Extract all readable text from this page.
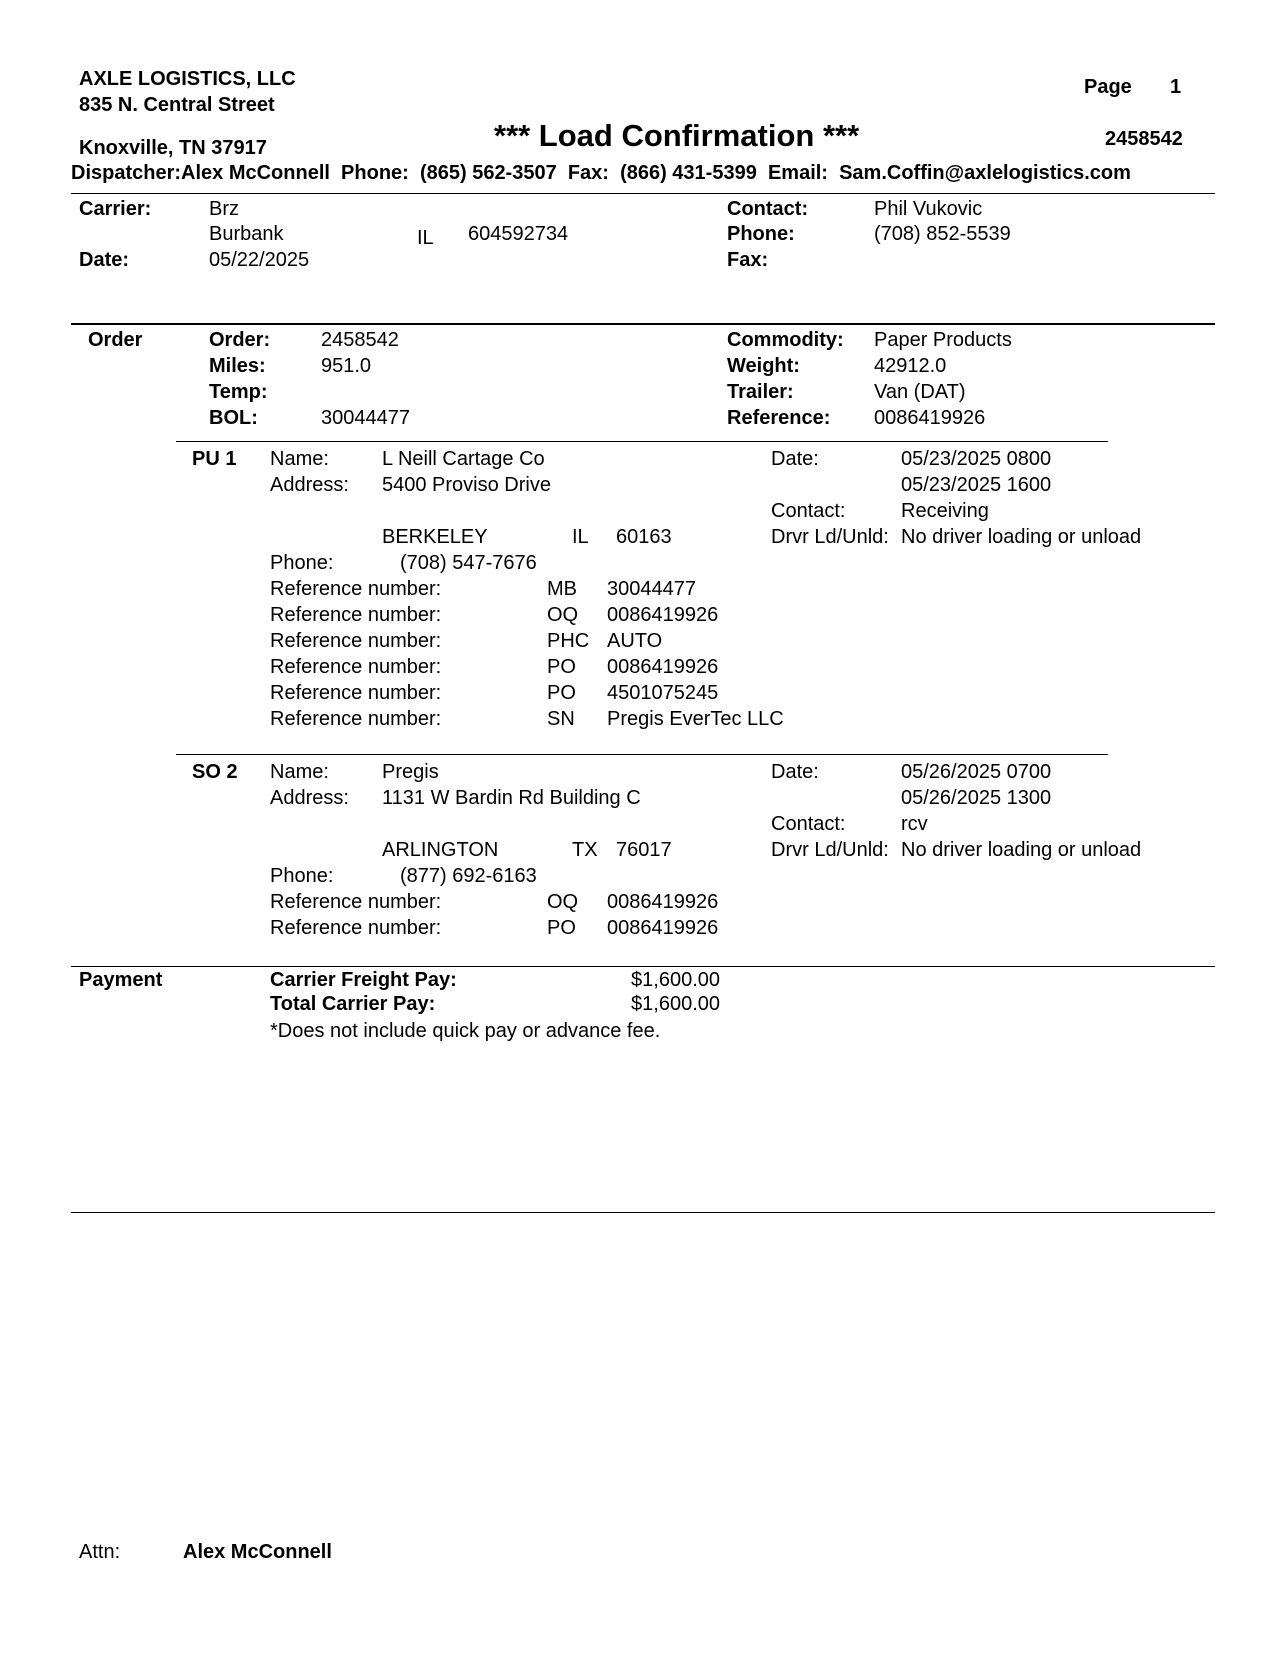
AXLE LOGISTICS, LLC
835 N. Central Street
Knoxville, TN 37917
Page 1
*** Load Confirmation ***	2458542
Dispatcher:Alex McConnell  Phone:  (865) 562-3507  Fax:  (866) 431-5399  Email:  Sam.Coffin@axlelogistics.com
Carrier:	Brz
Burbank	IL 604592734
Date:	05/22/2025
Contact:	Phil Vukovic
Phone:	(708) 852-5539
Fax:
Order	Order:	2458542
Miles:	951.0
Temp:
BOL:	30044477
Commodity: Paper Products
Weight:	42912.0
Trailer:	Van (DAT)
Reference: 0086419926
PU 1 Name:	L Neill Cartage Co
Address: 5400 Proviso Drive
BERKELEY	IL 60163
Phone:	(708) 547-7676
Date:	05/23/2025 0800
05/23/2025 1600
Contact:	Receiving
Drvr Ld/Unld: No driver loading or unload
Reference number:	MB 30044477
Reference number:	OQ 0086419926
Reference number:	PHC AUTO
Reference number:	PO 0086419926
Reference number:	PO 4501075245
Reference number:	SN Pregis EverTec LLC
SO 2 Name:	Pregis
Address: 1131 W Bardin Rd Building C
ARLINGTON	TX 76017
Phone:	(877) 692-6163
Date:	05/26/2025 0700
05/26/2025 1300
Contact:	rcv
Drvr Ld/Unld: No driver loading or unload
Reference number:	OQ 0086419926
Reference number:	PO 0086419926
Payment	Carrier Freight Pay:	$1,600.00
Total Carrier Pay:	$1,600.00
*Does not include quick pay or advance fee.
Attn:	Alex McConnell
